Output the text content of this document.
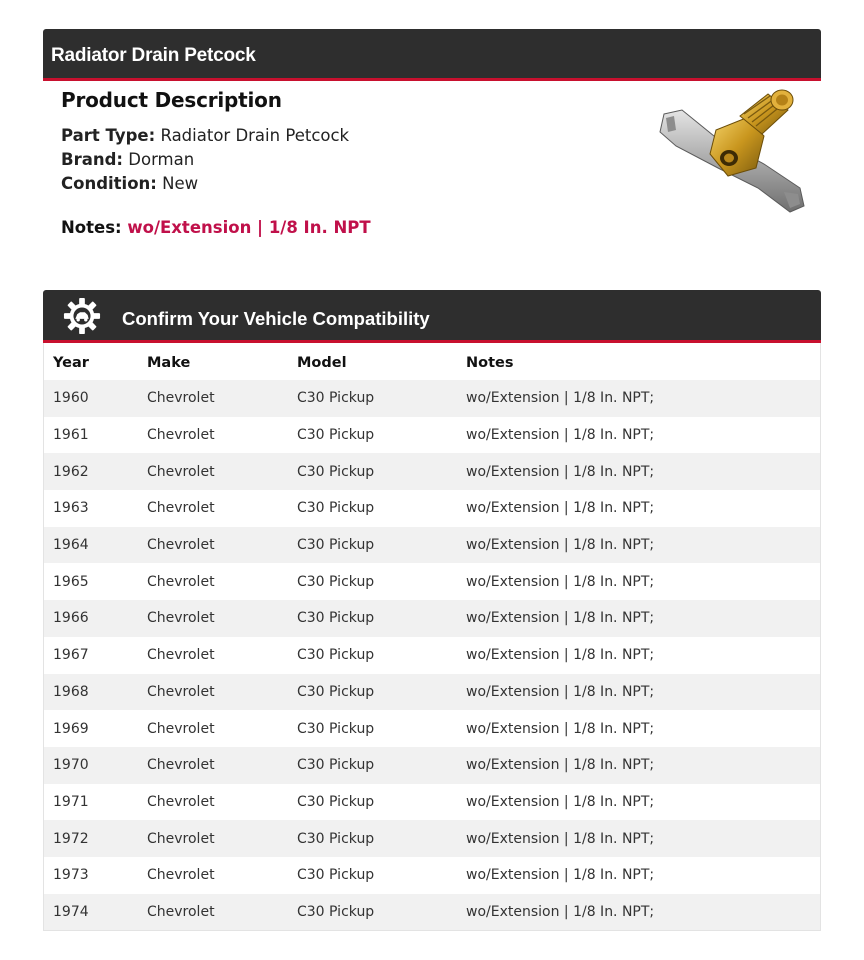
Radiator Drain Petcock
Product Description
Part Type: Radiator Drain Petcock
Brand: Dorman
Condition: New
Notes: wo/Extension | 1/8 In. NPT
Confirm Your Vehicle Compatibility
Year	Make	Model	Notes
1960	Chevrolet	C30 Pickup	wo/Extension | 1/8 In. NPT;
1961	Chevrolet	C30 Pickup	wo/Extension | 1/8 In. NPT;
1962	Chevrolet	C30 Pickup	wo/Extension | 1/8 In. NPT;
1963	Chevrolet	C30 Pickup	wo/Extension | 1/8 In. NPT;
1964	Chevrolet	C30 Pickup	wo/Extension | 1/8 In. NPT;
1965	Chevrolet	C30 Pickup	wo/Extension | 1/8 In. NPT;
1966	Chevrolet	C30 Pickup	wo/Extension | 1/8 In. NPT;
1967	Chevrolet	C30 Pickup	wo/Extension | 1/8 In. NPT;
1968	Chevrolet	C30 Pickup	wo/Extension | 1/8 In. NPT;
1969	Chevrolet	C30 Pickup	wo/Extension | 1/8 In. NPT;
1970	Chevrolet	C30 Pickup	wo/Extension | 1/8 In. NPT;
1971	Chevrolet	C30 Pickup	wo/Extension | 1/8 In. NPT;
1972	Chevrolet	C30 Pickup	wo/Extension | 1/8 In. NPT;
1973	Chevrolet	C30 Pickup	wo/Extension | 1/8 In. NPT;
1974	Chevrolet	C30 Pickup	wo/Extension | 1/8 In. NPT;
